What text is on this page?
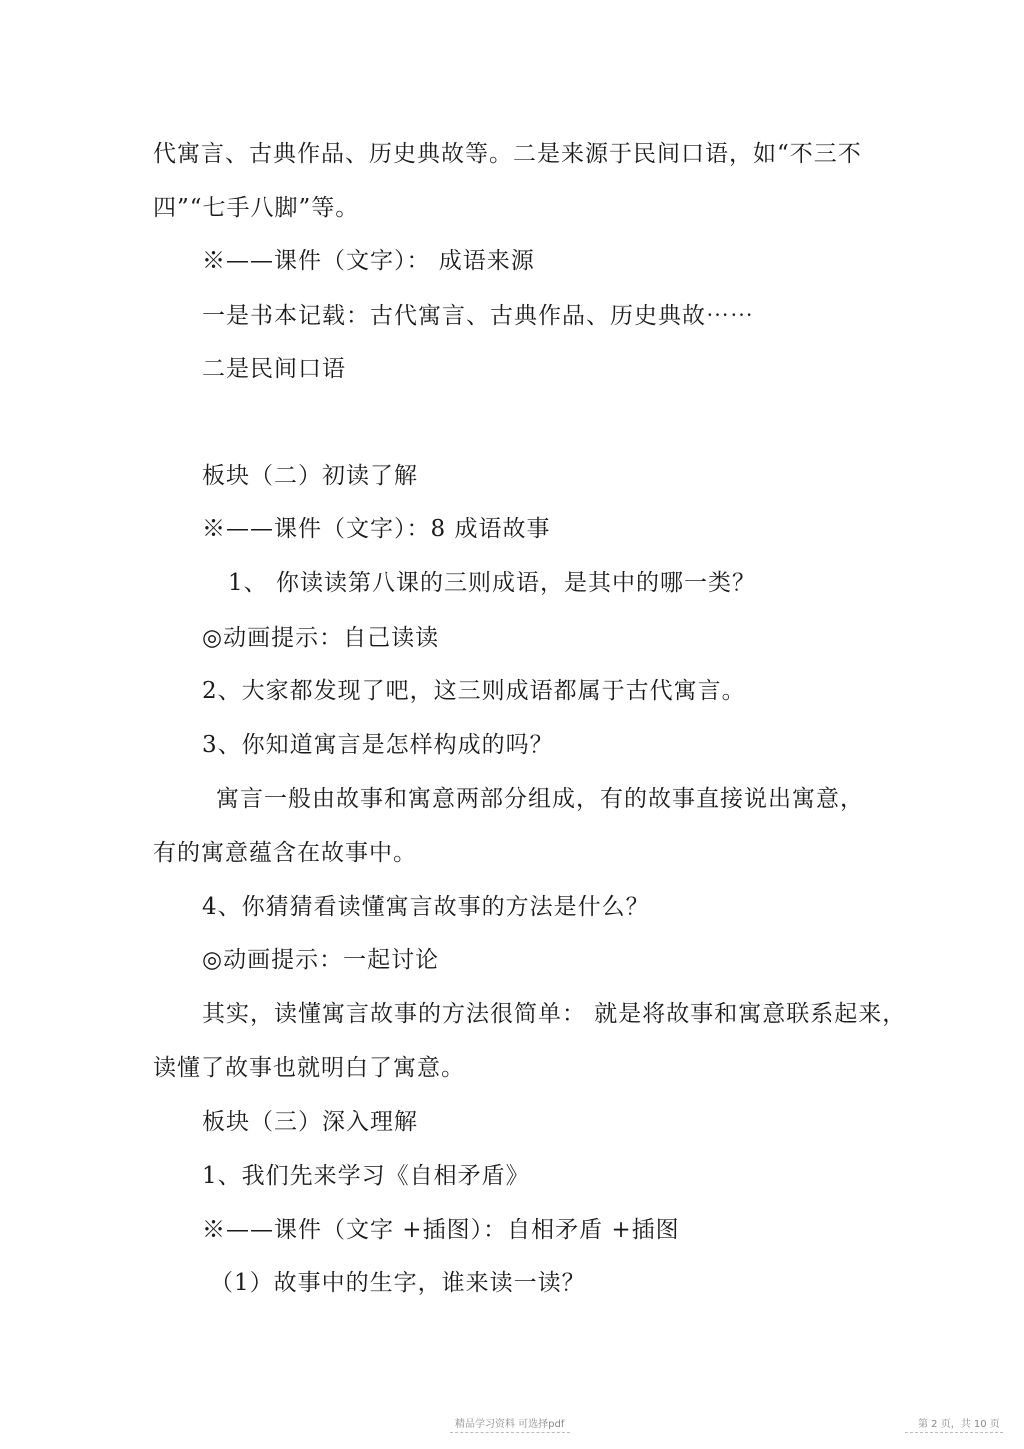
代寓言、古典作品、历史典故等。二是来源于民间口语，如“不三不
四”“七手八脚”等。
※——课件（文字）： 成语来源
一是书本记载：古代寓言、古典作品、历史典故⋯⋯
二是民间口语
板块（二）初读了解
※——课件（文字）：8 成语故事
1、 你读读第八课的三则成语，是其中的哪一类？
◎动画提示：自己读读
2、大家都发现了吧，这三则成语都属于古代寓言。
3、你知道寓言是怎样构成的吗？
寓言一般由故事和寓意两部分组成，有的故事直接说出寓意，
有的寓意蕴含在故事中。
4、你猜猜看读懂寓言故事的方法是什么？
◎动画提示：一起讨论
其实，读懂寓言故事的方法很简单： 就是将故事和寓意联系起来，
读懂了故事也就明白了寓意。
板块（三）深入理解
1、我们先来学习《自相矛盾》
※——课件（文字 +插图）：自相矛盾 +插图
（1）故事中的生字，谁来读一读？
精品学习资料 可选择pdf	第 2 页，共 10 页
